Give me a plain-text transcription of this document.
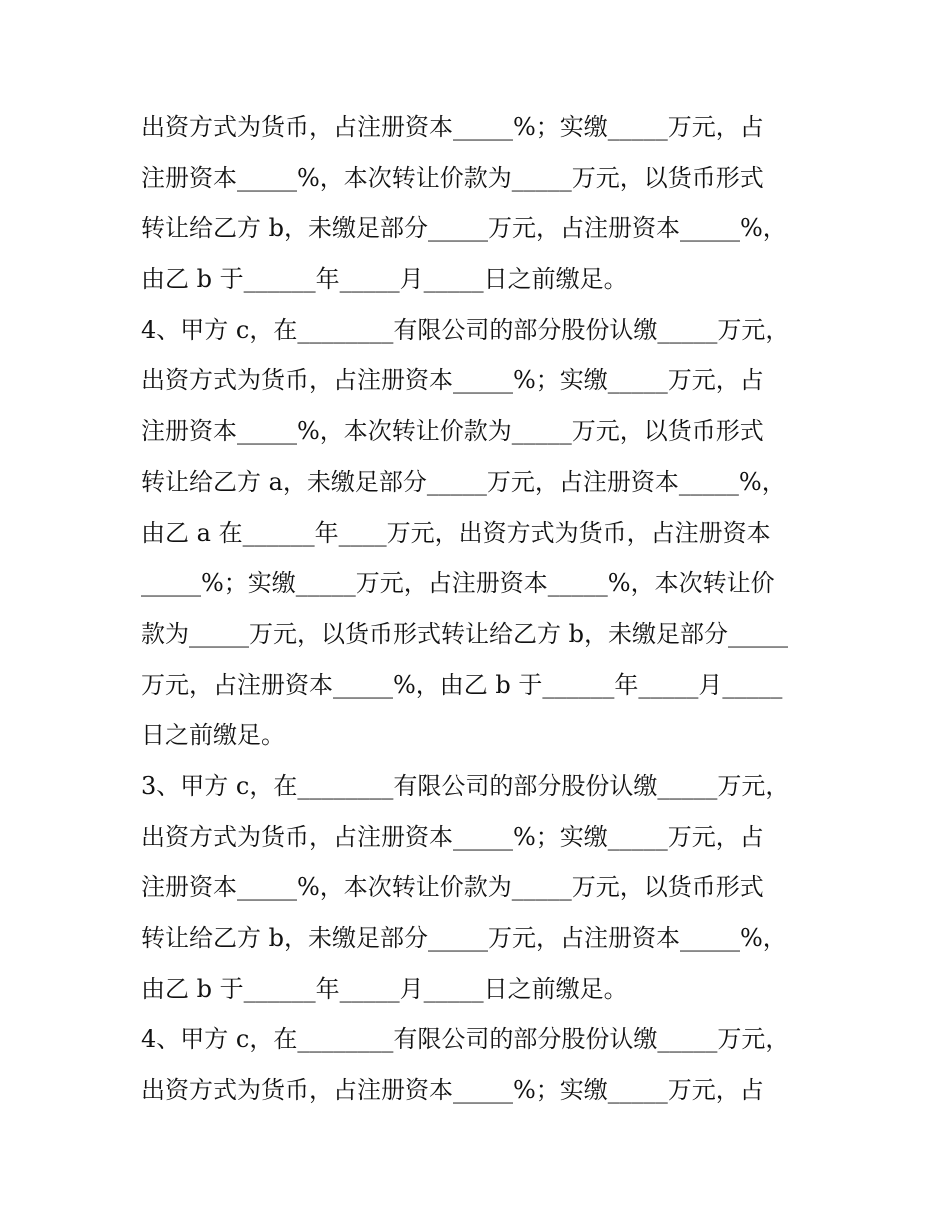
出资方式为货币，占注册资本_____%；实缴_____万元，占
注册资本_____%，本次转让价款为_____万元，以货币形式
转让给乙方 b，未缴足部分_____万元，占注册资本_____%，
由乙 b 于______年_____月_____日之前缴足。
4、甲方 c，在________有限公司的部分股份认缴_____万元，
出资方式为货币，占注册资本_____%；实缴_____万元，占
注册资本_____%，本次转让价款为_____万元，以货币形式
转让给乙方 a，未缴足部分_____万元，占注册资本_____%，
由乙 a 在______年____万元，出资方式为货币，占注册资本
_____%；实缴_____万元，占注册资本_____%，本次转让价
款为_____万元，以货币形式转让给乙方 b，未缴足部分_____
万元，占注册资本_____%，由乙 b 于______年_____月_____
日之前缴足。
3、甲方 c，在________有限公司的部分股份认缴_____万元，
出资方式为货币，占注册资本_____%；实缴_____万元，占
注册资本_____%，本次转让价款为_____万元，以货币形式
转让给乙方 b，未缴足部分_____万元，占注册资本_____%，
由乙 b 于______年_____月_____日之前缴足。
4、甲方 c，在________有限公司的部分股份认缴_____万元，
出资方式为货币，占注册资本_____%；实缴_____万元，占
